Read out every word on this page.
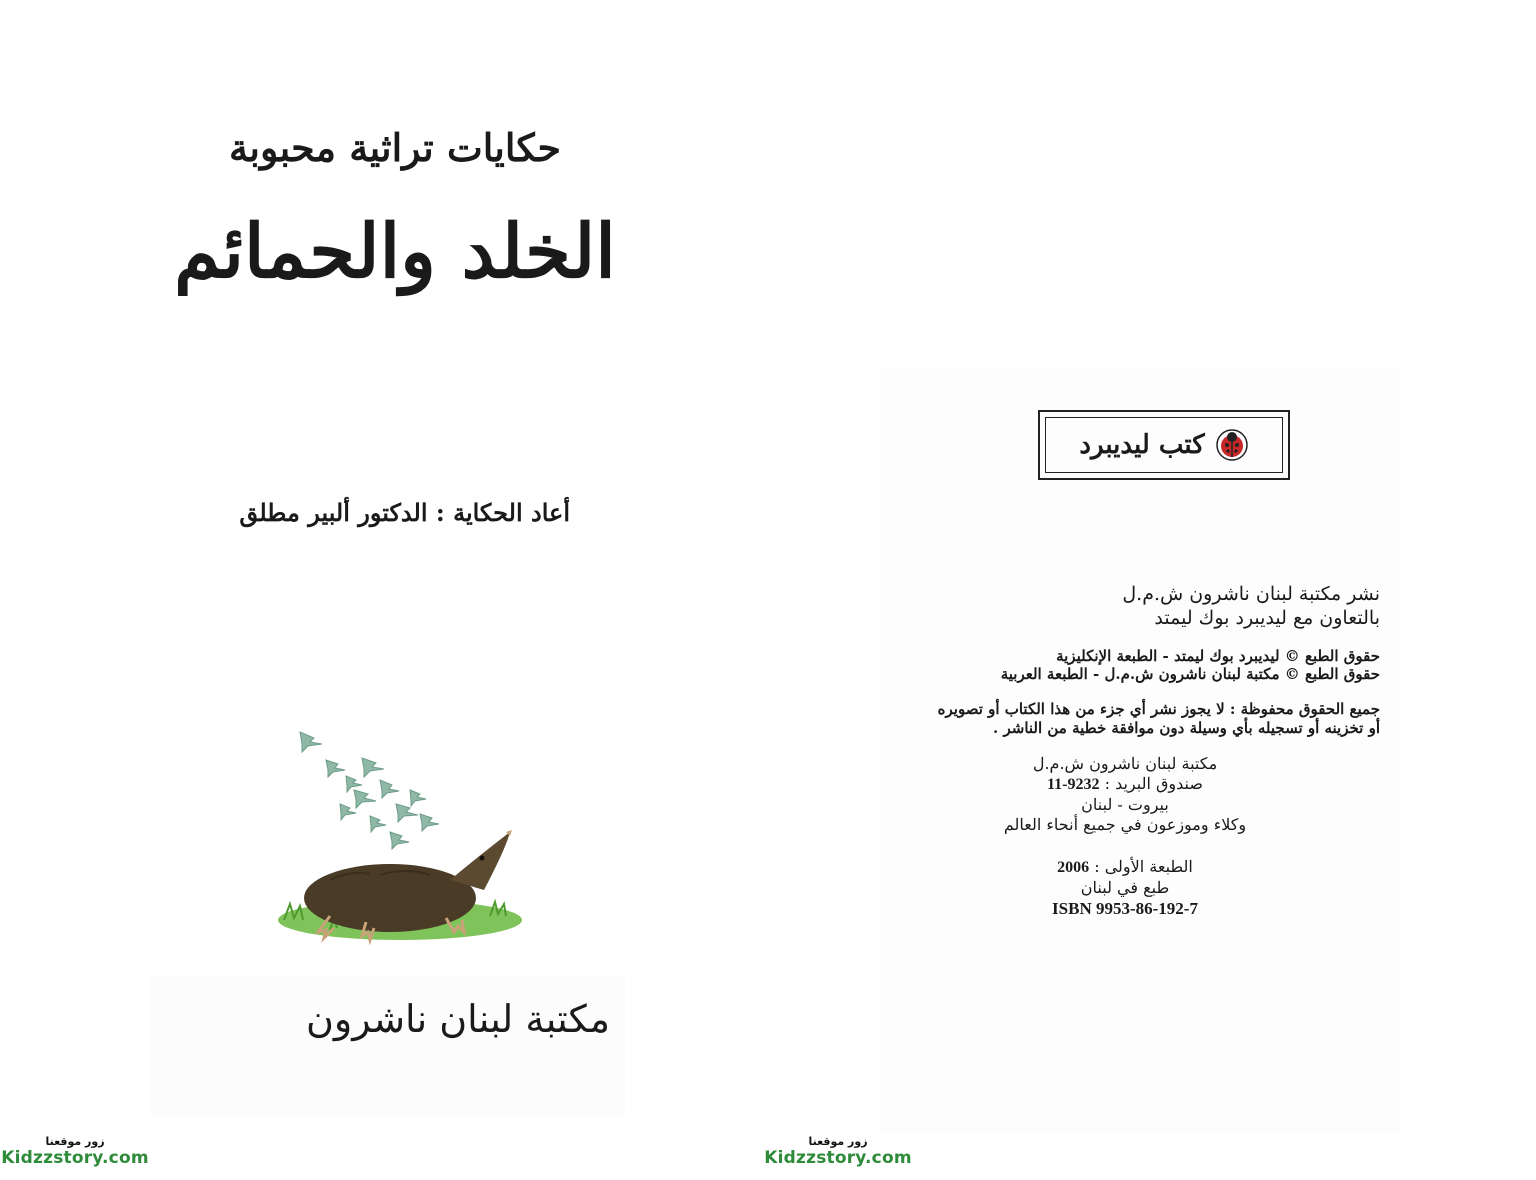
حكايات تراثية محبوبة
الخلد والحمائم
أعاد الحكاية : الدكتور ألبير مطلق
مكتبة لبنان ناشرون
كتب ليديبرد
نشر مكتبة لبنان ناشرون ش.م.ل
بالتعاون مع ليديبرد بوك ليمتد
حقوق الطبع © ليديبرد بوك ليمتد - الطبعة الإنكليزية
حقوق الطبع © مكتبة لبنان ناشرون ش.م.ل - الطبعة العربية
جميع الحقوق محفوظة : لا يجوز نشر أي جزء من هذا الكتاب أو تصويره
أو تخزينه أو تسجيله بأي وسيلة دون موافقة خطية من الناشر .
مكتبة لبنان ناشرون ش.م.ل
صندوق البريد : 11-9232
بيروت - لبنان
وكلاء وموزعون في جميع أنحاء العالم
الطبعة الأولى : 2006
طبع في لبنان
ISBN 9953-86-192-7
زور موقعنا
Kidzzstory.com
زور موقعنا
Kidzzstory.com
